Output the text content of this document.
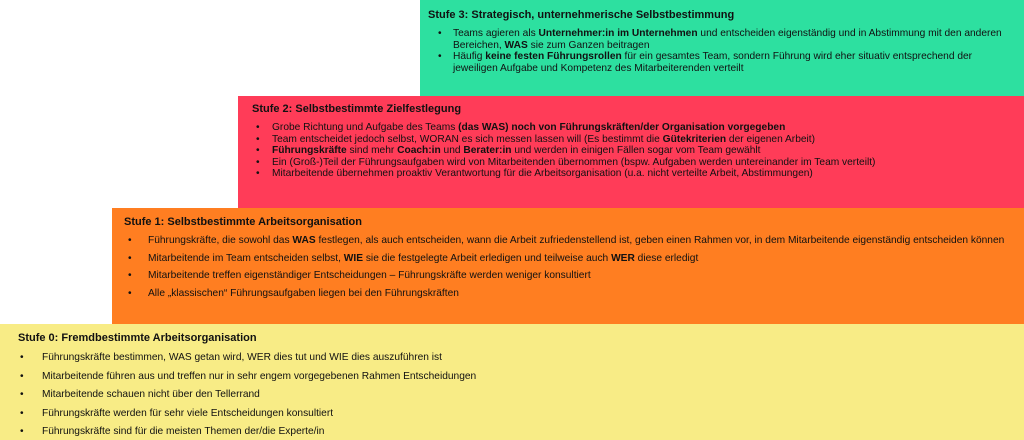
Stufe 3: Strategisch, unternehmerische Selbstbestimmung
• Teams agieren als Unternehmer:in im Unternehmen und entscheiden eigenständig und in Abstimmung mit den anderen Bereichen, WAS sie zum Ganzen beitragen
• Häufig keine festen Führungsrollen für ein gesamtes Team, sondern Führung wird eher situativ entsprechend der jeweiligen Aufgabe und Kompetenz des Mitarbeiterenden verteilt
Stufe 2: Selbstbestimmte Zielfestlegung
• Grobe Richtung und Aufgabe des Teams (das WAS) noch von Führungskräften/der Organisation vorgegeben
• Team entscheidet jedoch selbst, WORAN es sich messen lassen will (Es bestimmt die Gütekriterien der eigenen Arbeit)
• Führungskräfte sind mehr Coach:in und Berater:in und werden in einigen Fällen sogar vom Team gewählt
• Ein (Groß-)Teil der Führungsaufgaben wird von Mitarbeitenden übernommen (bspw. Aufgaben werden untereinander im Team verteilt)
• Mitarbeitende übernehmen proaktiv Verantwortung für die Arbeitsorganisation (u.a. nicht verteilte Arbeit, Abstimmungen)
Stufe 1: Selbstbestimmte Arbeitsorganisation
• Führungskräfte, die sowohl das WAS festlegen, als auch entscheiden, wann die Arbeit zufriedenstellend ist, geben einen Rahmen vor, in dem Mitarbeitende eigenständig entscheiden können
• Mitarbeitende im Team entscheiden selbst, WIE sie die festgelegte Arbeit erledigen und teilweise auch WER diese erledigt
• Mitarbeitende treffen eigenständiger Entscheidungen – Führungskräfte werden weniger konsultiert
• Alle „klassischen“ Führungsaufgaben liegen bei den Führungskräften
Stufe 0: Fremdbestimmte Arbeitsorganisation
• Führungskräfte bestimmen, WAS getan wird, WER dies tut und WIE dies auszuführen ist
• Mitarbeitende führen aus und treffen nur in sehr engem vorgegebenen Rahmen Entscheidungen
• Mitarbeitende schauen nicht über den Tellerrand
• Führungskräfte werden für sehr viele Entscheidungen konsultiert
• Führungskräfte sind für die meisten Themen der/die Experte/in
